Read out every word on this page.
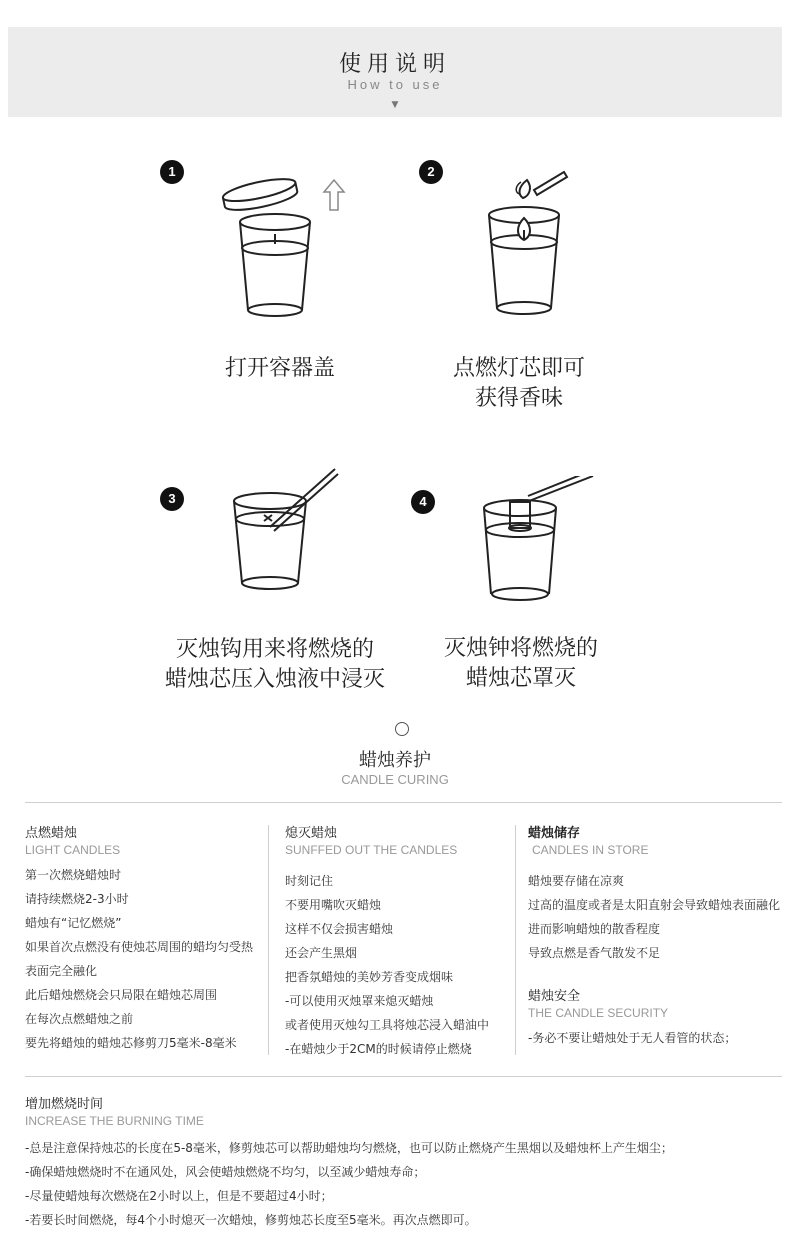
使用说明
How to use
▼
1
打开容器盖
2
点燃灯芯即可
获得香味
3
灭烛钩用来将燃烧的
蜡烛芯压入烛液中浸灭
4
灭烛钟将燃烧的
蜡烛芯罩灭
蜡烛养护
CANDLE CURING
点燃蜡烛
LIGHT CANDLES
第一次燃烧蜡烛时
请持续燃烧2-3小时
蜡烛有“记忆燃烧”
如果首次点燃没有使烛芯周围的蜡均匀受热
表面完全融化
此后蜡烛燃烧会只局限在蜡烛芯周围
在每次点燃蜡烛之前
要先将蜡烛的蜡烛芯修剪刀5毫米-8毫米
熄灭蜡烛
SUNFFED OUT THE CANDLES
时刻记住
不要用嘴吹灭蜡烛
这样不仅会损害蜡烛
还会产生黑烟
把香氛蜡烛的美妙芳香变成烟味
-可以使用灭烛罩来熄灭蜡烛
或者使用灭烛勾工具将烛芯浸入蜡油中
-在蜡烛少于2CM的时候请停止燃烧
蜡烛储存
CANDLES IN STORE
蜡烛要存储在凉爽
过高的温度或者是太阳直射会导致蜡烛表面融化
进而影响蜡烛的散香程度
导致点燃是香气散发不足
蜡烛安全
THE CANDLE SECURITY
-务必不要让蜡烛处于无人看管的状态；
增加燃烧时间
INCREASE THE BURNING TIME
-总是注意保持烛芯的长度在5-8毫米，修剪烛芯可以帮助蜡烛均匀燃烧，也可以防止燃烧产生黑烟以及蜡烛杯上产生烟尘；
-确保蜡烛燃烧时不在通风处，风会使蜡烛燃烧不均匀，以至减少蜡烛寿命；
-尽量使蜡烛每次燃烧在2小时以上，但是不要超过4小时；
-若要长时间燃烧，每4个小时熄灭一次蜡烛，修剪烛芯长度至5毫米。再次点燃即可。
